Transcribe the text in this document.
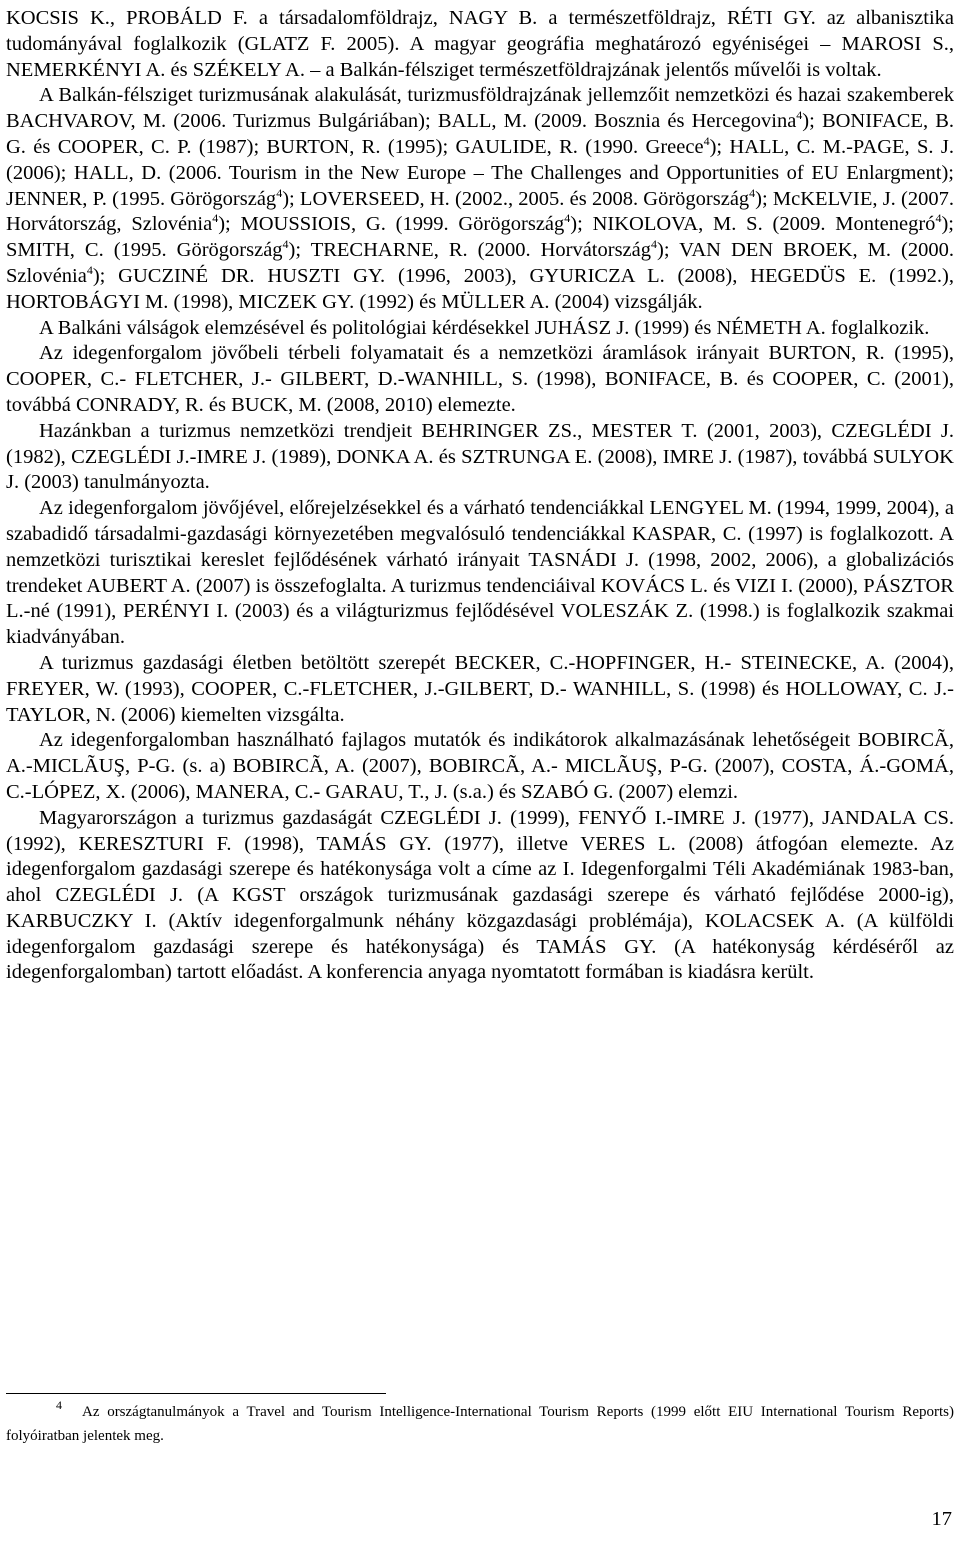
KOCSIS K., PROBÁLD F. a társadalomföldrajz, NAGY B. a természetföldrajz, RÉTI GY. az albanisztika tudományával foglalkozik (GLATZ F. 2005). A magyar geográfia meghatározó egyéniségei – MAROSI S., NEMERKÉNYI A. és SZÉKELY A. – a Balkán-félsziget természetföldrajzának jelentős művelői is voltak.

A Balkán-félsziget turizmusának alakulását, turizmusföldrajzának jellemzőit nemzetközi és hazai szakemberek BACHVAROV, M. (2006. Turizmus Bulgáriában); BALL, M. (2009. Bosznia és Hercegovina$^4$); BONIFACE, B. G. és COOPER, C. P. (1987); BURTON, R. (1995); GAULIDE, R. (1990. Greece$^4$); HALL, C. M.-PAGE, S. J. (2006); HALL, D. (2006. Tourism in the New Europe – The Challenges and Opportunities of EU Enlargment); JENNER, P. (1995. Görögország$^4$); LOVERSEED, H. (2002., 2005. és 2008. Görögország$^4$); McKELVIE, J. (2007. Horvátország, Szlovénia$^4$); MOUSSIOIS, G. (1999. Görögország$^4$); NIKOLOVA, M. S. (2009. Montenegró$^4$); SMITH, C. (1995. Görögország$^4$); TRECHARNE, R. (2000. Horvátország$^4$); VAN DEN BROEK, M. (2000. Szlovénia$^4$); GUCZINÉ DR. HUSZTI GY. (1996, 2003), GYURICZA L. (2008), HEGEDÜS E. (1992.), HORTOBÁGYI M. (1998), MICZEK GY. (1992) és MÜLLER A. (2004) vizsgálják.

A Balkáni válságok elemzésével és politológiai kérdésekkel JUHÁSZ J. (1999) és NÉMETH A. foglalkozik.

Az idegenforgalom jövőbeli térbeli folyamatait és a nemzetközi áramlások irányait BURTON, R. (1995), COOPER, C.- FLETCHER, J.- GILBERT, D.-WANHILL, S. (1998), BONIFACE, B. és COOPER, C. (2001), továbbá CONRADY, R. és BUCK, M. (2008, 2010) elemezte.

Hazánkban a turizmus nemzetközi trendjeit BEHRINGER ZS., MESTER T. (2001, 2003), CZEGLÉDI J. (1982), CZEGLÉDI J.-IMRE J. (1989), DONKA A. és SZTRUNGA E. (2008), IMRE J. (1987), továbbá SULYOK J. (2003) tanulmányozta.

Az idegenforgalom jövőjével, előrejelzésekkel és a várható tendenciákkal LENGYEL M. (1994, 1999, 2004), a szabadidő társadalmi-gazdasági környezetében megvalósuló tendenciákkal KASPAR, C. (1997) is foglalkozott. A nemzetközi turisztikai kereslet fejlődésének várható irányait TASNÁDI J. (1998, 2002, 2006), a globalizációs trendeket AUBERT A. (2007) is összefoglalta. A turizmus tendenciáival KOVÁCS L. és VIZI I. (2000), PÁSZTOR L.-né (1991), PERÉNYI I. (2003) és a világturizmus fejlődésével VOLESZÁK Z. (1998.) is foglalkozik szakmai kiadványában.

A turizmus gazdasági életben betöltött szerepét BECKER, C.-HOPFINGER, H.- STEINECKE, A. (2004), FREYER, W. (1993), COOPER, C.-FLETCHER, J.-GILBERT, D.- WANHILL, S. (1998) és HOLLOWAY, C. J.-TAYLOR, N. (2006) kiemelten vizsgálta.

Az idegenforgalomban használható fajlagos mutatók és indikátorok alkalmazásának lehetőségeit BOBIRCÃ, A.-MICLÃUŞ, P-G. (s. a) BOBIRCÃ, A. (2007), BOBIRCÃ, A.- MICLÃUŞ, P-G. (2007), COSTA, Á.-GOMÁ, C.-LÓPEZ, X. (2006), MANERA, C.- GARAU, T., J. (s.a.) és SZABÓ G. (2007) elemzi.

Magyarországon a turizmus gazdaságát CZEGLÉDI J. (1999), FENYŐ I.-IMRE J. (1977), JANDALA CS. (1992), KERESZTURI F. (1998), TAMÁS GY. (1977), illetve VERES L. (2008) átfogóan elemezte. Az idegenforgalom gazdasági szerepe és hatékonysága volt a címe az I. Idegenforgalmi Téli Akadémiának 1983-ban, ahol CZEGLÉDI J. (A KGST országok turizmusának gazdasági szerepe és várható fejlődése 2000-ig), KARBUCZKY I. (Aktív idegenforgalmunk néhány közgazdasági problémája), KOLACSEK A. (A külföldi idegenforgalom gazdasági szerepe és hatékonysága) és TAMÁS GY. (A hatékonyság kérdéséről az idegenforgalomban) tartott előadást. A konferencia anyaga nyomtatott formában is kiadásra került.

$^4$ Az országtanulmányok a Travel and Tourism Intelligence-International Tourism Reports (1999 előtt EIU International Tourism Reports) folyóiratban jelentek meg.
17
